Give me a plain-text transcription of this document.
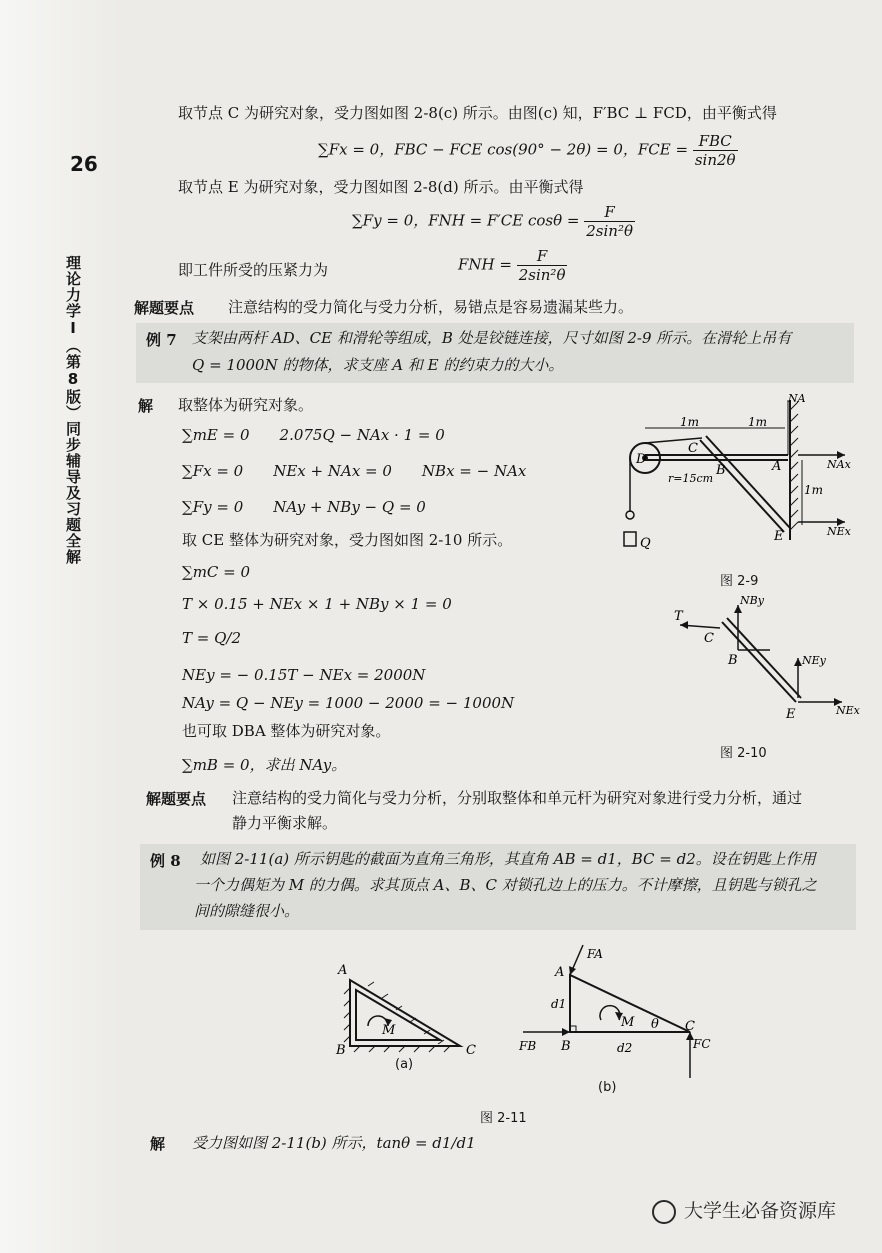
26
理论力学Ⅰ（第8版）同步辅导及习题全解
取节点 C 为研究对象，受力图如图 2-8(c) 所示。由图(c) 知，F′BC ⊥ FCD，由平衡式得
∑Fx = 0，FBC − FCE cos(90° − 2θ) = 0，FCE = $\frac{\text{FBC}}{\sin 2\theta}$
取节点 E 为研究对象，受力图如图 2-8(d) 所示。由平衡式得
∑Fy = 0，FNH = F′CE $\cos\theta = \frac{F}{\text{2sin²θ}}$
即工件所受的压紧力为	FNH = $\frac{F}{\text{2sin²θ}}$
解题要点 注意结构的受力简化与受力分析，易错点是容易遗漏某些力。
例 7 支架由两杆 AD、CE 和滑轮等组成，B 处是铰链连接，尺寸如图 2-9 所示。在滑轮上吊有
Q = 1000N 的物体，求支座 A 和 E 的约束力的大小。
解 取整体为研究对象。
∑mE = 0　　2.075Q − NAx · 1 = 0
∑Fx = 0　　NEx + NAx = 0　　NBx = − NAx
∑Fy = 0　　NAy + NBy − Q = 0
取 CE 整体为研究对象，受力图如图 2-10 所示。
∑mC = 0
T × 0.15 + NEx × 1 + NBy × 1 = 0
T = Q/2
NEy = − 0.15T − NEx = 2000N
NAy = Q − NEy = 1000 − 2000 = − 1000N
也可取 DBA 整体为研究对象。
∑mB = 0，求出 NAy。
1m	1m
1m
r=15cm
D
C
B	A
E
Q
NA
NAx
NEx
图 2-9
T
C
B
E
NBy
NEy
NEx
图 2-10
解题要点 注意结构的受力简化与受力分析，分别取整体和单元杆为研究对象进行受力分析，通过
静力平衡求解。
例 8 如图 2-11(a) 所示钥匙的截面为直角三角形，其直角 AB = d1，BC = d2。设在钥匙上作用
一个力偶矩为 M 的力偶。求其顶点 A、B、C 对锁孔边上的压力。不计摩擦，且钥匙与锁孔之
间的隙缝很小。
A
B	C
M
(a)
A
B
C
M
FA
FB	FC
d1
d2
θ
(b)
图 2-11
解 受力图如图 2-11(b) 所示，tanθ = d1/d1
大学生必备资源库
